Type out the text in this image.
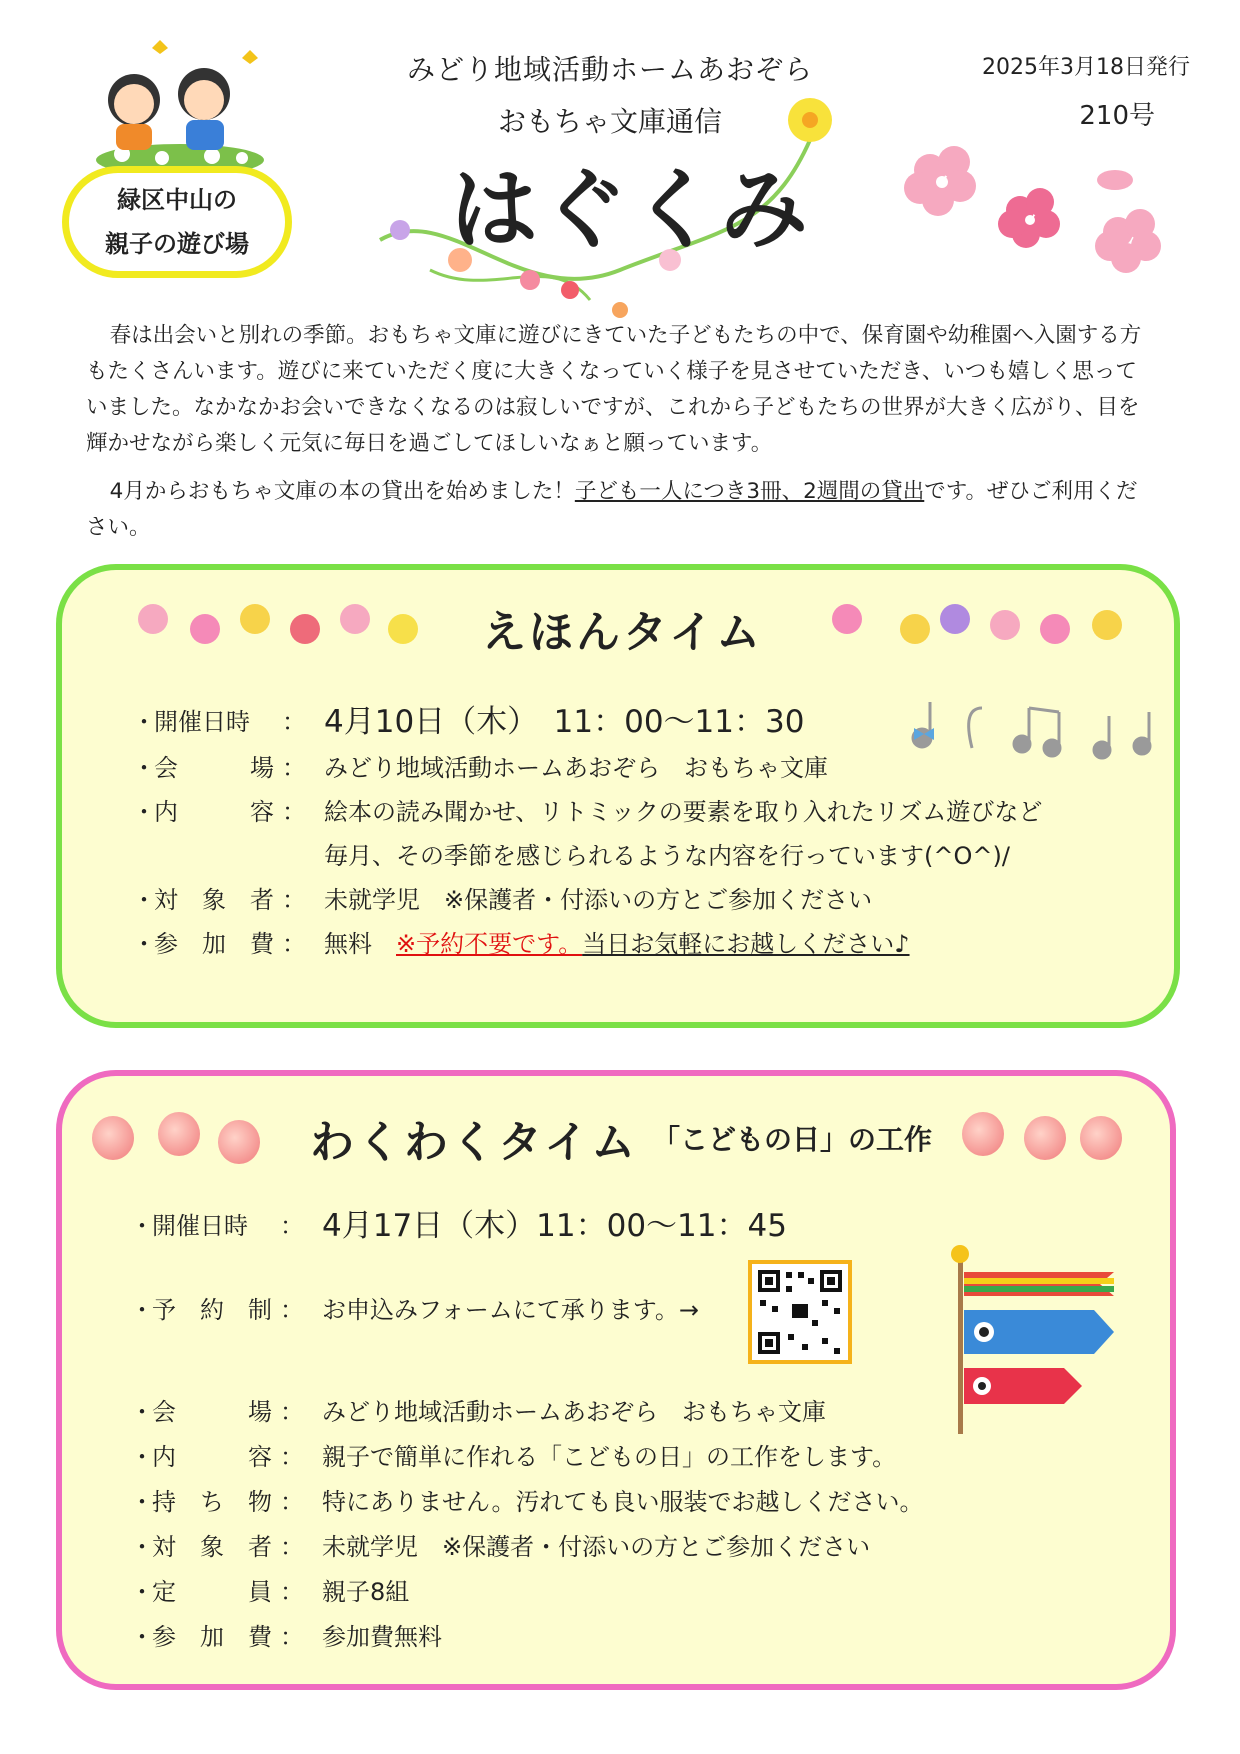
緑区中山の
親子の遊び場
みどり地域活動ホームあおぞら
おもちゃ文庫通信
はぐくみ
2025年3月18日発行
210号

春は出会いと別れの季節。おもちゃ文庫に遊びにきていた子どもたちの中で、保育園や幼稚園へ入園する方もたくさんいます。遊びに来ていただく度に大きくなっていく様子を見させていただき、いつも嬉しく思っていました。なかなかお会いできなくなるのは寂しいですが、これから子どもたちの世界が大きく広がり、目を輝かせながら楽しく元気に毎日を過ごしてほしいなぁと願っています。

4月からおもちゃ文庫の本の貸出を始めました！子ども一人につき3冊、2週間の貸出です。ぜひご利用ください。

えほんタイム
・
開催日時	： 4月10日（木）　11：00～11：30
・
会	場 ： みどり地域活動ホームあおぞら　おもちゃ文庫
・
内	容 ： 絵本の読み聞かせ、リトミックの要素を取り入れたリズム遊びなど
毎月、その季節を感じられるような内容を行っています(^O^)/
・
対 象 者 ： 未就学児　※保護者・付添いの方とご参加ください
・
参 加 費 ： 無料　 ※予約不要です。当日お気軽にお越しください♪
わくわくタイム 「こどもの日」の工作
・
開催日時	： 4月17日（木）11：00～11：45
・
予 約 制 ： お申込みフォームにて承ります。→
・
会	場 ： みどり地域活動ホームあおぞら　おもちゃ文庫
・
内	容 ： 親子で簡単に作れる「こどもの日」の工作をします。
・
持 ち 物 ： 特にありません。汚れても良い服装でお越しください。
・
対 象 者 ： 未就学児　※保護者・付添いの方とご参加ください
・
定	員 ： 親子8組
・
参 加 費 ： 参加費無料
